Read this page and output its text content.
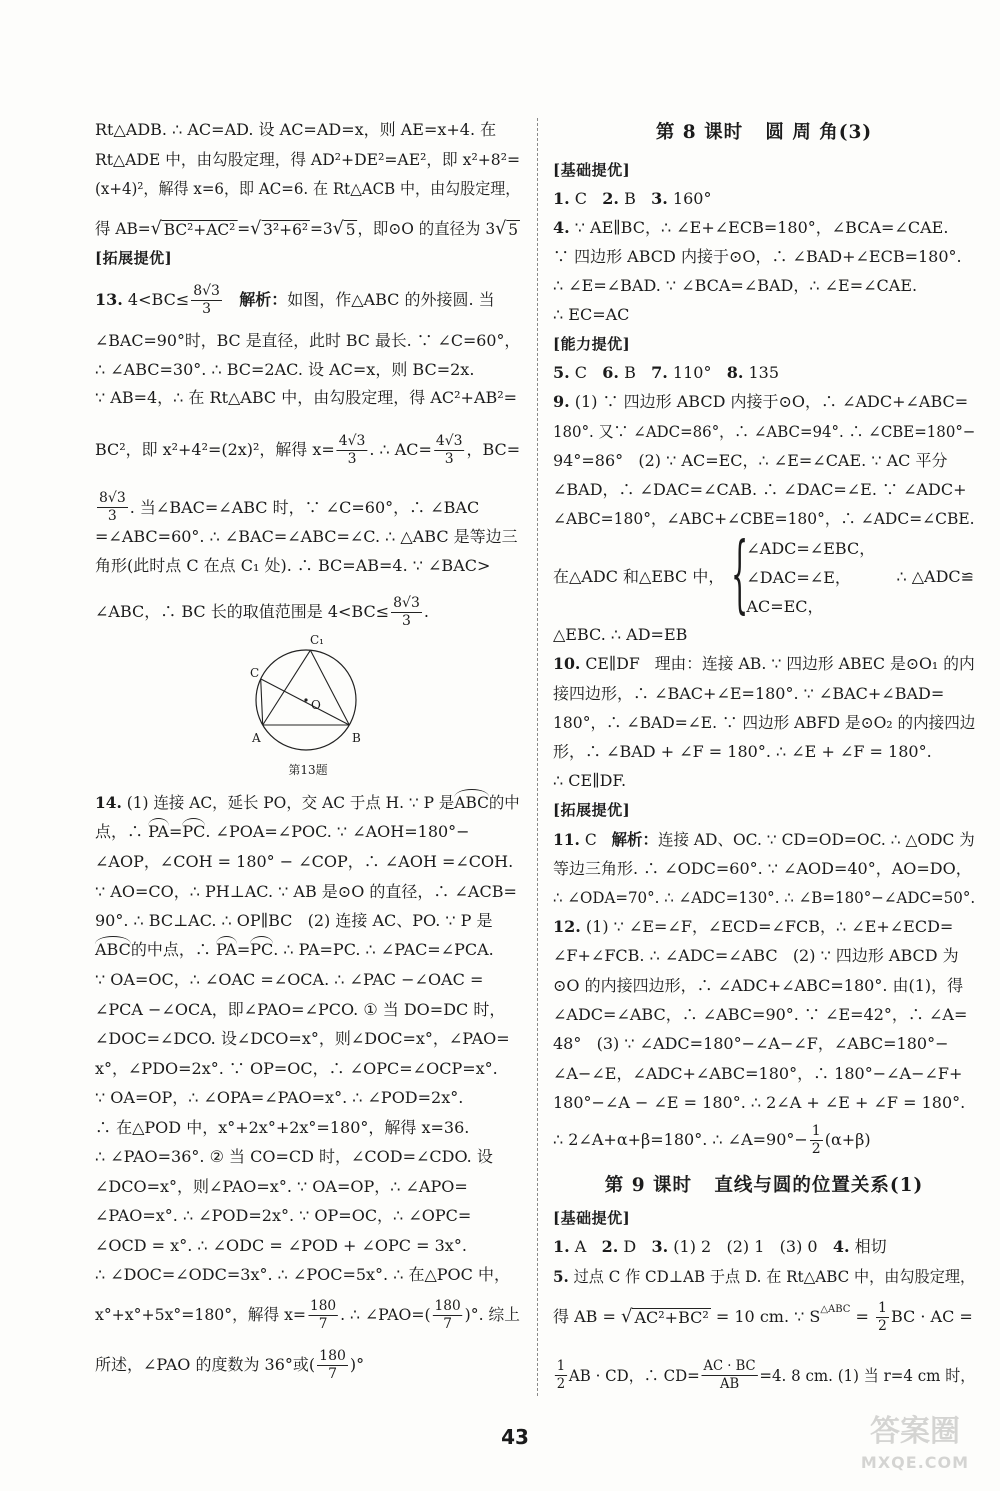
Rt△ADB. ∴ AC=AD. 设 AC=AD=x，则 AE=x+4. 在
Rt△ADE 中，由勾股定理，得 AD²+DE²=AE²，即 x²+8²=
(x+4)²，解得 x=6，即 AC=6. 在 Rt△ACB 中，由勾股定理，
得 AB= √ BC²+AC² = √ 3²+6² =3 √ 5 ，即⊙O 的直径为 3 √ 5
[拓展提优]
13. $4<BC\le \frac{8√3}{3}$
解析： 如图，作△ABC 的外接圆. 当
∠BAC=90°时，BC 是直径，此时 BC 最长. ∵ ∠C=60°，
∴ ∠ABC=30°. ∴ BC=2AC. 设 AC=x，则 BC=2x.
∵ AB=4，∴ 在 Rt△ABC 中，由勾股定理，得 AC²+AB²=
BC²，即 x²+4²=(2x)²，解得 $x= \frac{4√3}{3}$ . ∴ $AC= \frac{4√3}{3}$ ，BC=
$\frac{8√3}{3}$ . 当∠BAC=∠ABC 时，∵ ∠C=60°，∴ ∠BAC
=∠ABC=60°. ∴ ∠BAC=∠ABC=∠C. ∴ △ABC 是等边三
角形(此时点 C 在点 C₁ 处). ∴ BC=AB=4. ∵ ∠BAC>
∠ABC，∴ BC 长的取值范围是 $4<BC\le \frac{8√3}{3}$ .
14. (1) 连接 AC，延长 PO，交 AC 于点 H. ∵ P 是 ABC 的中
点，∴ PA = PC . ∠POA=∠POC. ∵ ∠AOH=180°−
∠AOP，∠COH = 180° − ∠COP，∴ ∠AOH =∠COH.
∵ AO=CO，∴ PH⊥AC. ∵ AB 是⊙O 的直径，∴ ∠ACB=
90°. ∴ BC⊥AC. ∴ OP∥BC   (2) 连接 AC、PO. ∵ P 是
ABC 的中点，∴ PA = PC . ∴ PA=PC. ∴ ∠PAC=∠PCA.
∵ OA=OC，∴ ∠OAC =∠OCA. ∴ ∠PAC −∠OAC =
∠PCA −∠OCA，即∠PAO=∠PCO. ① 当 DO=DC 时，
∠DOC=∠DCO. 设∠DCO=x°，则∠DOC=x°，∠PAO=
x°，∠PDO=2x°. ∵ OP=OC，∴ ∠OPC=∠OCP=x°.
∵ OA=OP，∴ ∠OPA=∠PAO=x°. ∴ ∠POD=2x°.
∴ 在△POD 中，x°+2x°+2x°=180°，解得 x=36.
∴ ∠PAO=36°. ② 当 CO=CD 时，∠COD=∠CDO. 设
∠DCO=x°，则∠PAO=x°. ∵ OA=OP，∴ ∠APO=
∠PAO=x°. ∴ ∠POD=2x°. ∵ OP=OC，∴ ∠OPC=
∠OCD = x°. ∴ ∠ODC = ∠POD + ∠OPC = 3x°.
∴ ∠DOC=∠ODC=3x°. ∴ ∠POC=5x°. ∴ 在△POC 中，
x°+x°+5x°=180°，解得 $x= \frac{180}{7}$ . ∴ ∠PAO=( $\frac{180}{7}$ )°. 综上
所述，∠PAO 的度数为 36°或( $\frac{180}{7}$ )°
第 8 课时   圆 周 角(3)
[基础提优]
1. C 2. B 3. 160°
4. ∵ AE∥BC，∴ ∠E+∠ECB=180°，∠BCA=∠CAE.
∵ 四边形 ABCD 内接于⊙O，∴ ∠BAD+∠ECB=180°.
∴ ∠E=∠BAD. ∵ ∠BCA=∠BAD，∴ ∠E=∠CAE.
∴ EC=AC
[能力提优]
5. C 6. B 7. 110° 8. 135
9. (1) ∵ 四边形 ABCD 内接于⊙O，∴ ∠ADC+∠ABC=
180°. 又∵ ∠ADC=86°，∴ ∠ABC=94°. ∴ ∠CBE=180°−
94°=86°   (2) ∵ AC=EC，∴ ∠E=∠CAE. ∵ AC 平分
∠BAD，∴ ∠DAC=∠CAB. ∴ ∠DAC=∠E. ∵ ∠ADC+
∠ABC=180°，∠ABC+∠CBE=180°，∴ ∠ADC=∠CBE.
在△ADC 和△EBC 中，
{ ∠ADC=∠EBC，
∠DAC=∠E，
AC=EC，
∴ △ADC≌
△EBC. ∴ AD=EB
10. CE∥DF   理由：连接 AB. ∵ 四边形 ABEC 是⊙O₁ 的内
接四边形，∴ ∠BAC+∠E=180°. ∵ ∠BAC+∠BAD=
180°，∴ ∠BAD=∠E. ∵ 四边形 ABFD 是⊙O₂ 的内接四边
形，∴ ∠BAD + ∠F = 180°. ∴ ∠E + ∠F = 180°.
∴ CE∥DF.
[拓展提优]
11. C 解析： 连接 AD、OC. ∵ CD=OD=OC. ∴ △ODC 为
等边三角形. ∴ ∠ODC=60°. ∵ ∠AOD=40°，AO=DO，
∴ ∠ODA=70°. ∴ ∠ADC=130°. ∴ ∠B=180°−∠ADC=50°.
12. (1) ∵ ∠E=∠F，∠ECD=∠FCB，∴ ∠E+∠ECD=
∠F+∠FCB. ∴ ∠ADC=∠ABC   (2) ∵ 四边形 ABCD 为
⊙O 的内接四边形，∴ ∠ADC+∠ABC=180°. 由(1)，得
∠ADC=∠ABC，∴ ∠ABC=90°. ∵ ∠E=42°，∴ ∠A=
48°   (3) ∵ ∠ADC=180°−∠A−∠F，∠ABC=180°−
∠A−∠E，∠ADC+∠ABC=180°，∴ 180°−∠A−∠F+
180°−∠A − ∠E = 180°. ∴ 2∠A + ∠E + ∠F = 180°.
∴ 2∠A+α+β=180°. ∴ ∠A=90°− $\frac{1}{2} (\alpha+\beta)$
第 9 课时   直线与圆的位置关系(1)
[基础提优]
1. A 2. D 3. (1) 2   (2) 1   (3) 0 4. 相切
5. 过点 C 作 CD⊥AB 于点 D. 在 Rt△ABC 中，由勾股定理，
得 AB = √ AC²+BC² = 10 cm. ∵ S △ABC = $\frac{1}{2}$ BC · AC =
$\frac{1}{2}$ AB · CD，∴ $CD= \frac{AC \cdot BC}{AB} =4$. 8 cm. (1) 当 r=4 cm 时，
C₁
C
O
A	B
第13题
43	答案圈
MXQE.COM
